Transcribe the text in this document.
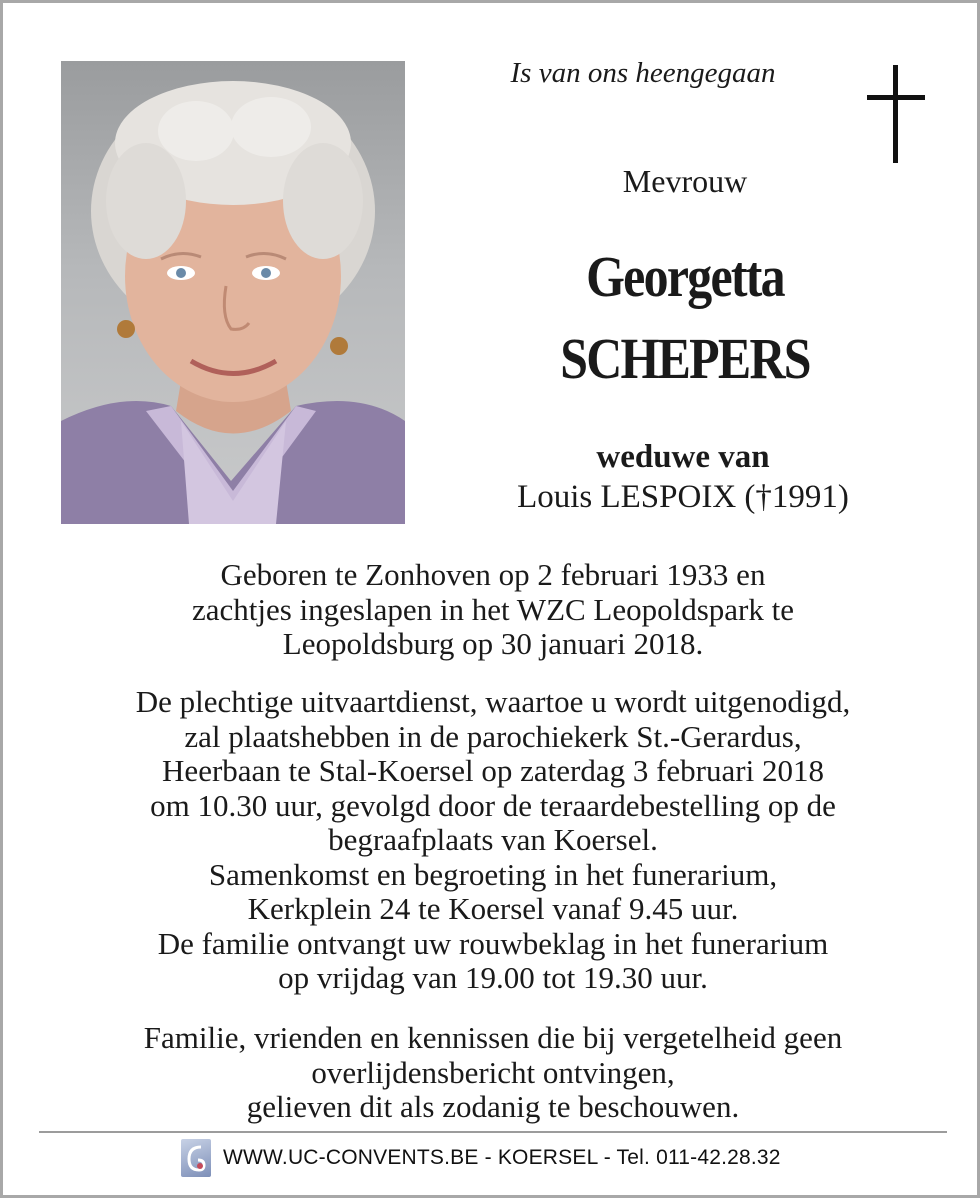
Is van ons heengegaan
Mevrouw
Georgetta
SCHEPERS
weduwe van
Louis LESPOIX (†1991)

Geboren te Zonhoven op 2 februari 1933 en

zachtjes ingeslapen in het WZC Leopoldspark te

Leopoldsburg op 30 januari 2018.

De plechtige uitvaartdienst, waartoe u wordt uitgenodigd,

zal plaatshebben in de parochiekerk St.-Gerardus,

Heerbaan te Stal-Koersel op zaterdag 3 februari 2018

om 10.30 uur, gevolgd door de teraardebestelling op de

begraafplaats van Koersel.

Samenkomst en begroeting in het funerarium,

Kerkplein 24 te Koersel vanaf 9.45 uur.

De familie ontvangt uw rouwbeklag in het funerarium

op vrijdag van 19.00 tot 19.30 uur.

Familie, vrienden en kennissen die bij vergetelheid geen

overlijdensbericht ontvingen,

gelieven dit als zodanig te beschouwen.

WWW.UC-CONVENTS.BE - KOERSEL - Tel. 011-42.28.32
